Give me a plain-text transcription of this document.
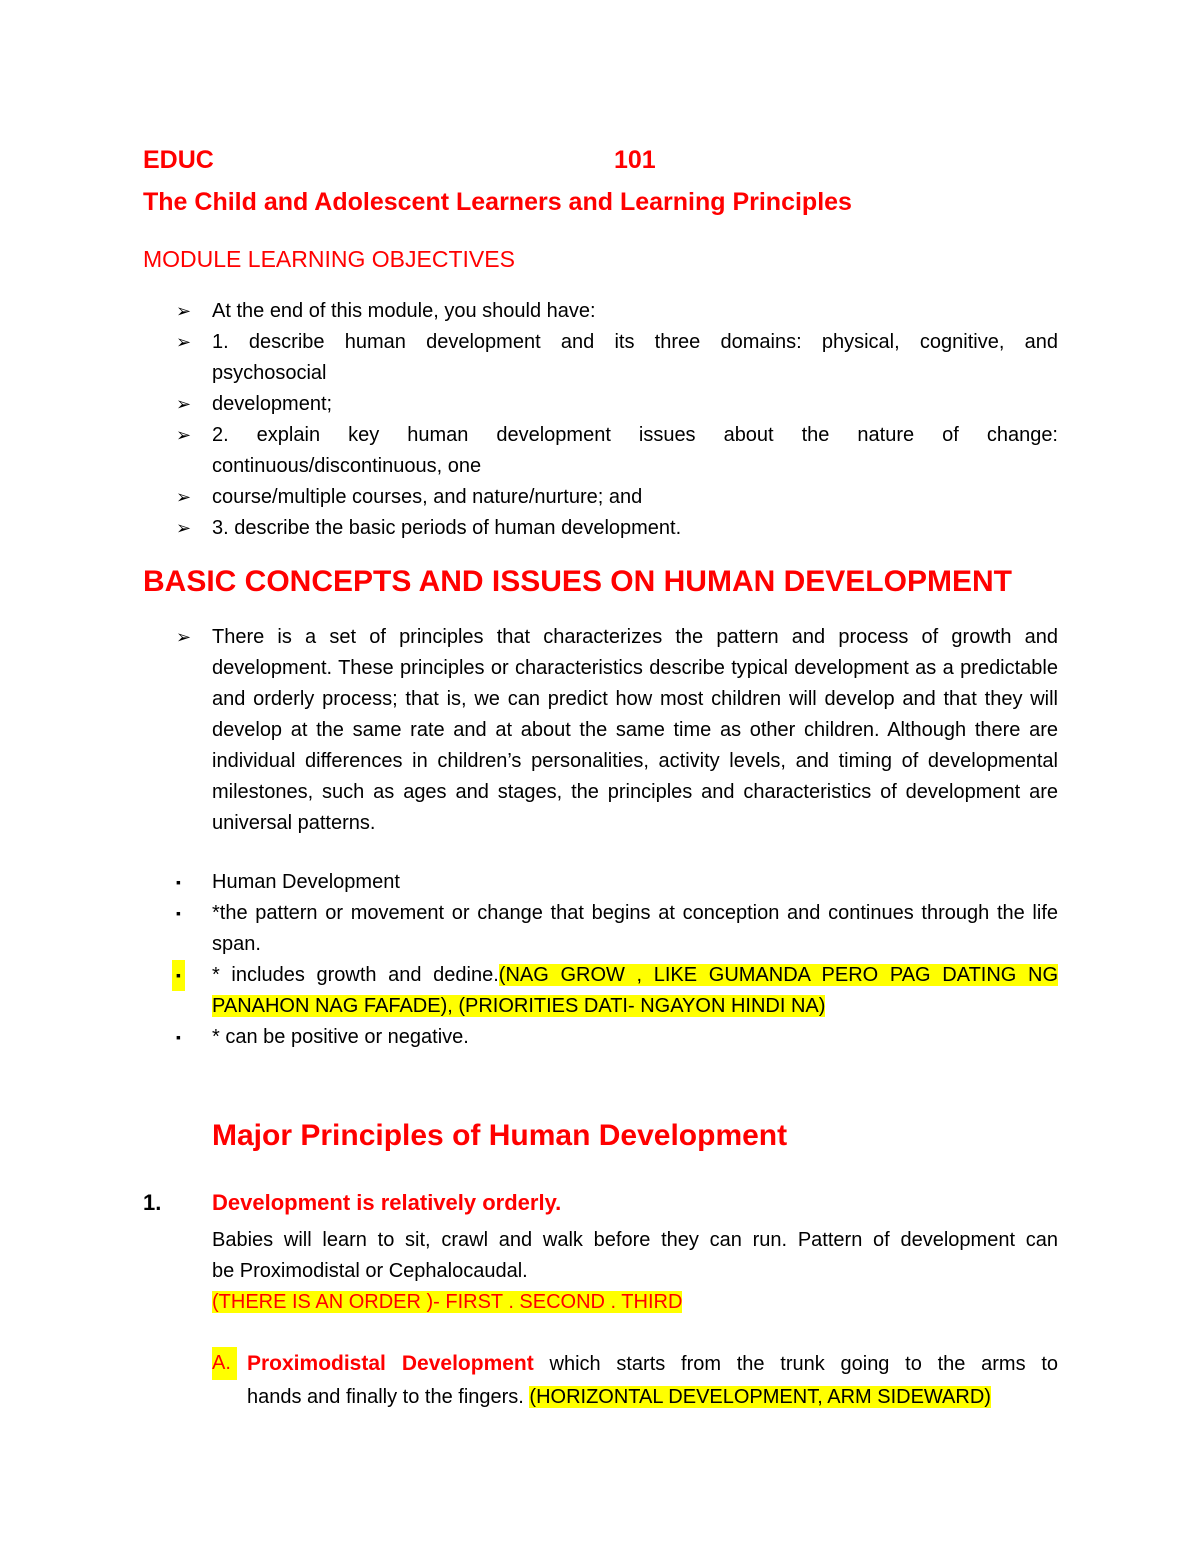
EDUC	101
The Child and Adolescent Learners and Learning Principles
MODULE LEARNING OBJECTIVES
➢ At the end of this module, you should have:
➢ 1. describe human development and its three domains: physical, cognitive, and
psychosocial
➢ development;
➢ 2. explain key human development issues about the nature of change:
continuous/discontinuous, one
➢ course/multiple courses, and nature/nurture; and
➢ 3. describe the basic periods of human development.
BASIC CONCEPTS AND ISSUES ON HUMAN DEVELOPMENT
➢ There is a set of principles that characterizes the pattern and process of growth and development. These principles or characteristics describe typical development as a predictable and orderly process; that is, we can predict how most children will develop and that they will develop at the same rate and at about the same time as other children. Although there are individual differences in children’s personalities, activity levels, and timing of developmental milestones, such as ages and stages, the principles and characteristics of development are universal patterns.
▪ Human Development
▪ *the pattern or movement or change that begins at conception and continues through the life span.
▪ * includes growth and dedine.(NAG GROW , LIKE GUMANDA PERO PAG DATING NG PANAHON NAG FAFADE), (PRIORITIES DATI- NGAYON HINDI NA)
▪ * can be positive or negative.
Major Principles of Human Development
1. Development is relatively orderly.
Babies will learn to sit, crawl and walk before they can run. Pattern of development can
be Proximodistal or Cephalocaudal.
(THERE IS AN ORDER )- FIRST . SECOND . THIRD
A. Proximodistal Development which starts from the trunk going to the arms to
hands and finally to the fingers. (HORIZONTAL DEVELOPMENT, ARM SIDEWARD)
